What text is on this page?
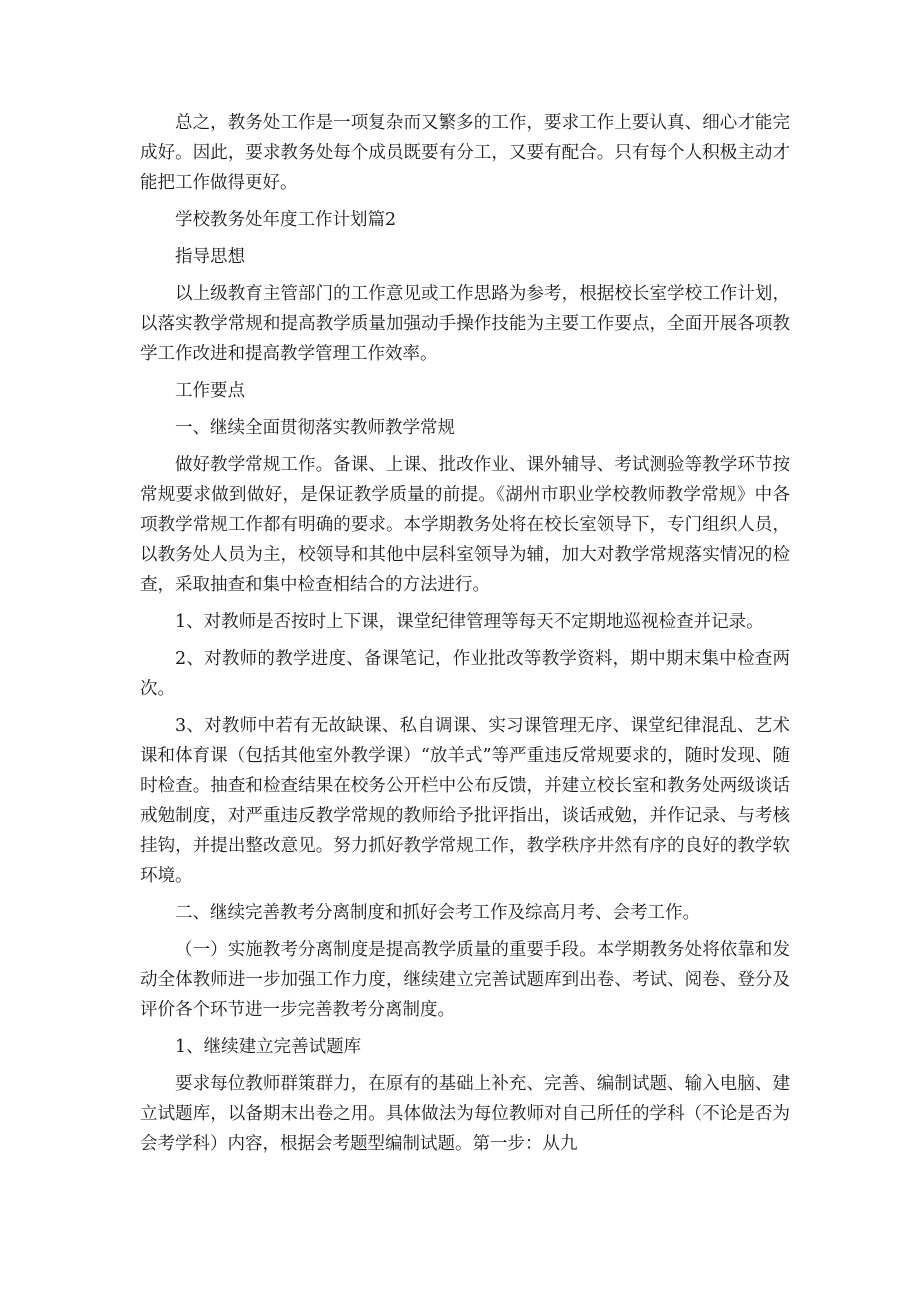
总之，教务处工作是一项复杂而又繁多的工作，要求工作上要认真、细心才能完成好。因此，要求教务处每个成员既要有分工，又要有配合。只有每个人积极主动才能把工作做得更好。

学校教务处年度工作计划篇2

指导思想

以上级教育主管部门的工作意见或工作思路为参考，根据校长室学校工作计划，以落实教学常规和提高教学质量加强动手操作技能为主要工作要点，全面开展各项教学工作改进和提高教学管理工作效率。

工作要点

一、继续全面贯彻落实教师教学常规

做好教学常规工作。备课、上课、批改作业、课外辅导、考试测验等教学环节按常规要求做到做好，是保证教学质量的前提。《湖州市职业学校教师教学常规》中各项教学常规工作都有明确的要求。本学期教务处将在校长室领导下，专门组织人员，以教务处人员为主，校领导和其他中层科室领导为辅，加大对教学常规落实情况的检查，采取抽查和集中检查相结合的方法进行。

1、对教师是否按时上下课，课堂纪律管理等每天不定期地巡视检查并记录。

2、对教师的教学进度、备课笔记，作业批改等教学资料，期中期末集中检查两次。

3、对教师中若有无故缺课、私自调课、实习课管理无序、课堂纪律混乱、艺术课和体育课（包括其他室外教学课）“放羊式”等严重违反常规要求的，随时发现、随时检查。抽查和检查结果在校务公开栏中公布反馈，并建立校长室和教务处两级谈话戒勉制度，对严重违反教学常规的教师给予批评指出，谈话戒勉，并作记录、与考核挂钩，并提出整改意见。努力抓好教学常规工作，教学秩序井然有序的良好的教学软环境。

二、继续完善教考分离制度和抓好会考工作及综高月考、会考工作。

（一）实施教考分离制度是提高教学质量的重要手段。本学期教务处将依靠和发动全体教师进一步加强工作力度，继续建立完善试题库到出卷、考试、阅卷、登分及评价各个环节进一步完善教考分离制度。

1、继续建立完善试题库

要求每位教师群策群力，在原有的基础上补充、完善、编制试题、输入电脑、建立试题库，以备期末出卷之用。具体做法为每位教师对自己所任的学科（不论是否为会考学科）内容，根据会考题型编制试题。第一步：从九
